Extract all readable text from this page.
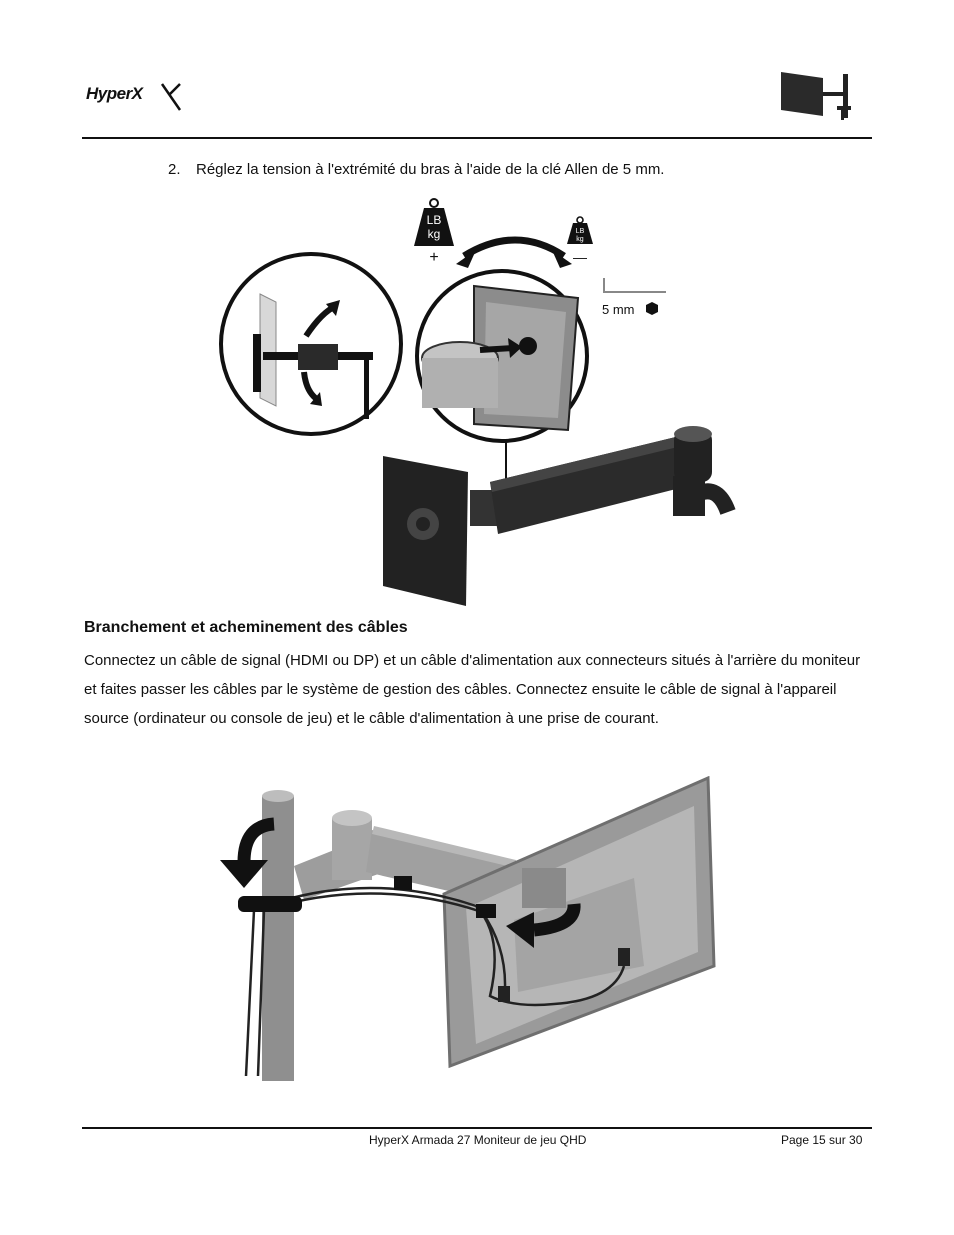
HyperX
2. Réglez la tension à l'extrémité du bras à l'aide de la clé Allen de 5 mm.
LB
kg
+
LB
kg
—
5 mm
Branchement et acheminement des câbles
Connectez un câble de signal (HDMI ou DP) et un câble d'alimentation aux connecteurs situés à l'arrière du moniteur et faites passer les câbles par le système de gestion des câbles. Connectez ensuite le câble de signal à l'appareil source (ordinateur ou console de jeu) et le câble d'alimentation à une prise de courant.
HyperX Armada 27 Moniteur de jeu QHD	Page 15 sur 30
